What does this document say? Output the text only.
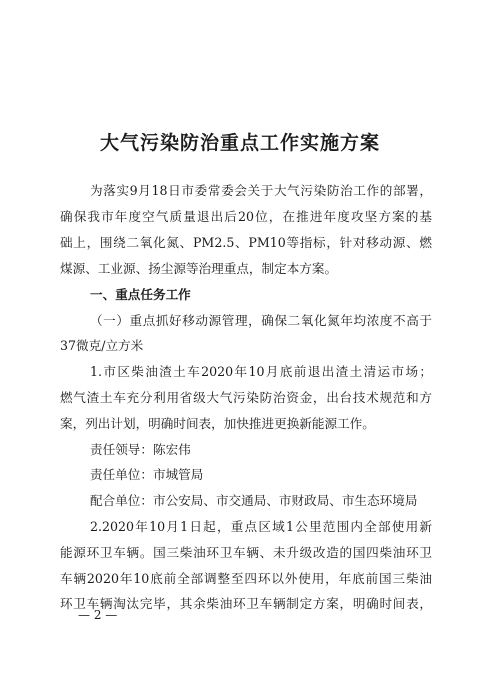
大气污染防治重点工作实施方案
为落实9月18日市委常委会关于大气污染防治工作的部署，
确保我市年度空气质量退出后20位，在推进年度攻坚方案的基
础上，围绕二氧化氮、PM2.5、PM10等指标，针对移动源、燃
煤源、工业源、扬尘源等治理重点，制定本方案。
一、重点任务工作
（一）重点抓好移动源管理，确保二氧化氮年均浓度不高于
37微克/立方米
1.市区柴油渣土车2020年10月底前退出渣土清运市场；
燃气渣土车充分利用省级大气污染防治资金，出台技术规范和方
案，列出计划，明确时间表，加快推进更换新能源工作。
责任领导：陈宏伟
责任单位：市城管局
配合单位：市公安局、市交通局、市财政局、市生态环境局
2.2020年10月1日起，重点区域1公里范围内全部使用新
能源环卫车辆。国三柴油环卫车辆、未升级改造的国四柴油环卫
车辆2020年10底前全部调整至四环以外使用，年底前国三柴油
环卫车辆淘汰完毕，其余柴油环卫车辆制定方案，明确时间表，
— 2 —
